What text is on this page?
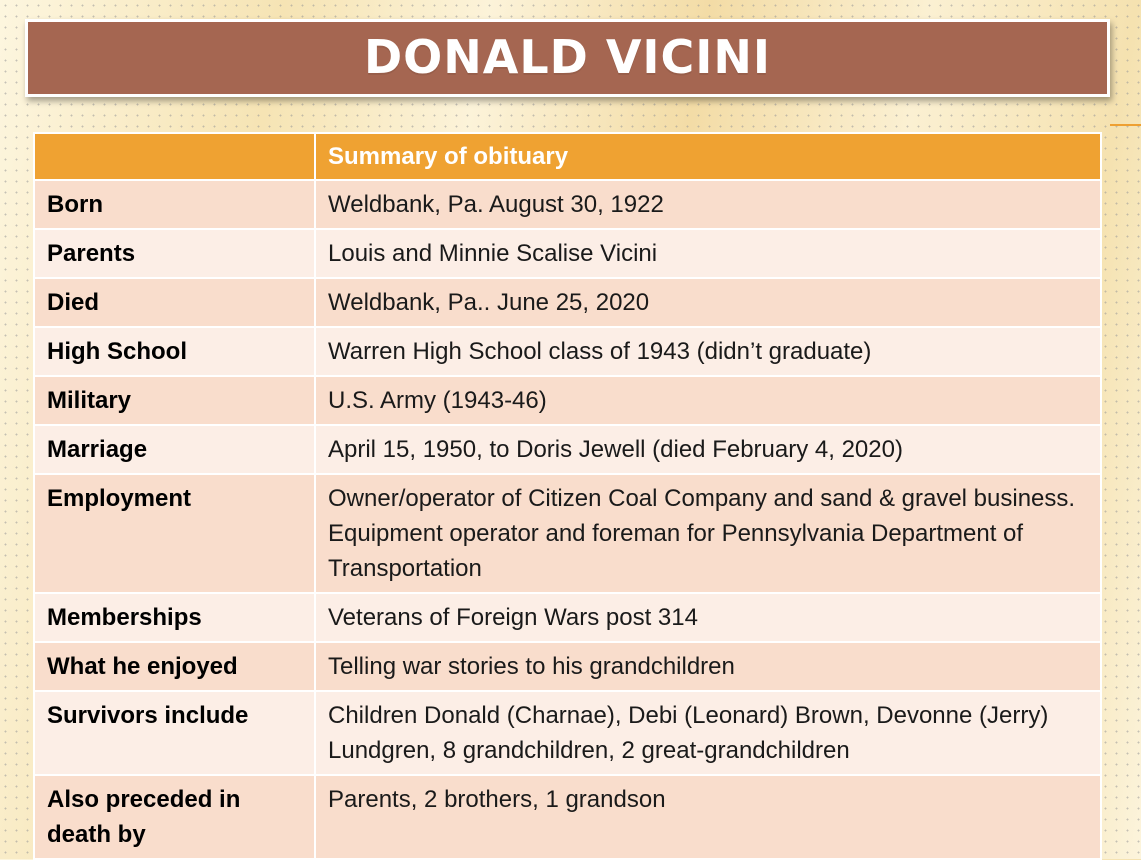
DONALD VICINI
	Summary of obituary
Born	Weldbank, Pa. August 30, 1922
Parents	Louis and Minnie Scalise Vicini
Died	Weldbank, Pa.. June 25, 2020
High School	Warren High School class of 1943 (didn’t graduate)
Military	U.S. Army (1943-46)
Marriage	April 15, 1950, to Doris Jewell (died February 4, 2020)
Employment	Owner/operator of Citizen Coal Company and sand & gravel business. Equipment operator and foreman for Pennsylvania Department of Transportation
Memberships	Veterans of Foreign Wars post 314
What he enjoyed	Telling war stories to his grandchildren
Survivors include	Children Donald (Charnae), Debi (Leonard) Brown, Devonne (Jerry) Lundgren, 8 grandchildren, 2 great-grandchildren
Also preceded in death by	Parents, 2 brothers, 1 grandson
